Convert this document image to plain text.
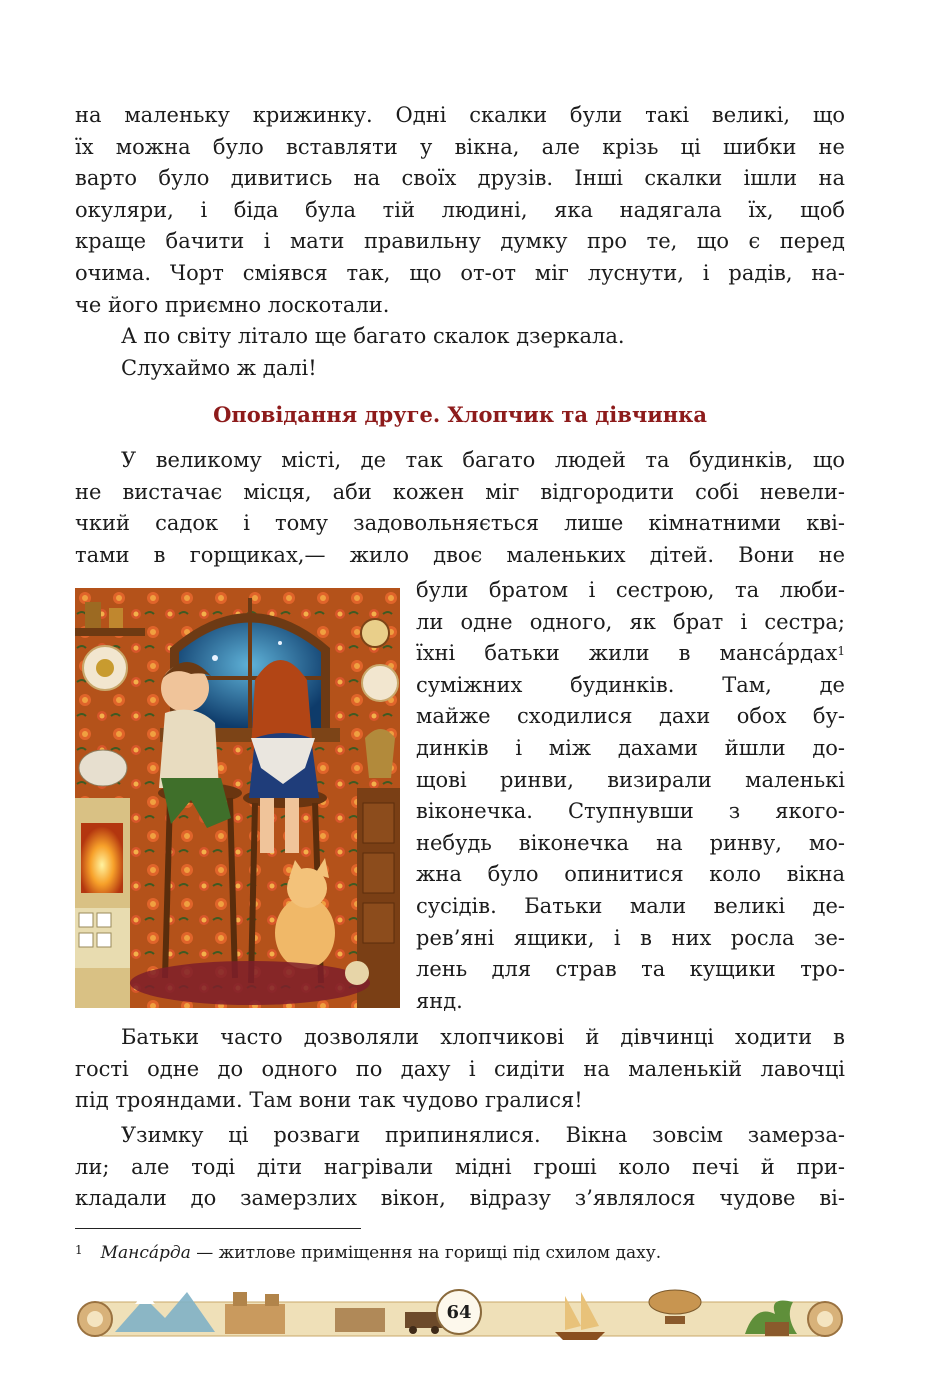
на маленьку крижинку. Одні скалки були такі великі, що
їх можна було вставляти у вікна, але крізь ці шибки не
варто було дивитись на своїх друзів. Інші скалки ішли на
окуляри, і біда була тій людині, яка надягала їх, щоб
краще бачити і мати правильну думку про те, що є перед
очима. Чорт сміявся так, що от-от міг луснути, і радів, на-
че його приємно лоскотали.
А по світу літало ще багато скалок дзеркала.
Слухаймо ж далі!
Оповідання друге. Хлопчик та дівчинка
У великому місті, де так багато людей та будинків, що
не вистачає місця, аби кожен міг відгородити собі невели-
чкий садок і тому задовольняється лише кімнатними кві-
тами в горщиках,— жило двоє маленьких дітей. Вони не
були братом і сестрою, та люби-
ли одне одного, як брат і сестра;
їхні батьки жили в манса́рдах$^1$
суміжних будинків. Там, де
майже сходилися дахи обох бу-
динків і між дахами йшли до-
щові ринви, визирали маленькі
віконечка. Ступнувши з якого-
небудь віконечка на ринву, мо-
жна було опинитися коло вікна
сусідів. Батьки мали великі де-
рев’яні ящики, і в них росла зе-
лень для страв та кущики тро-
янд.
Батьки часто дозволяли хлопчикові й дівчинці ходити в
гості одне до одного по даху і сидіти на маленькій лавочці
під трояндами. Там вони так чудово гралися!
Узимку ці розваги припинялися. Вікна зовсім замерза-
ли; але тоді діти нагрівали мідні гроші коло печі й при-
кладали до замерзлих вікон, відразу з’являлося чудове ві-

$^1$ Манса́рда — житлове приміщення на горищі під схилом даху.

64
